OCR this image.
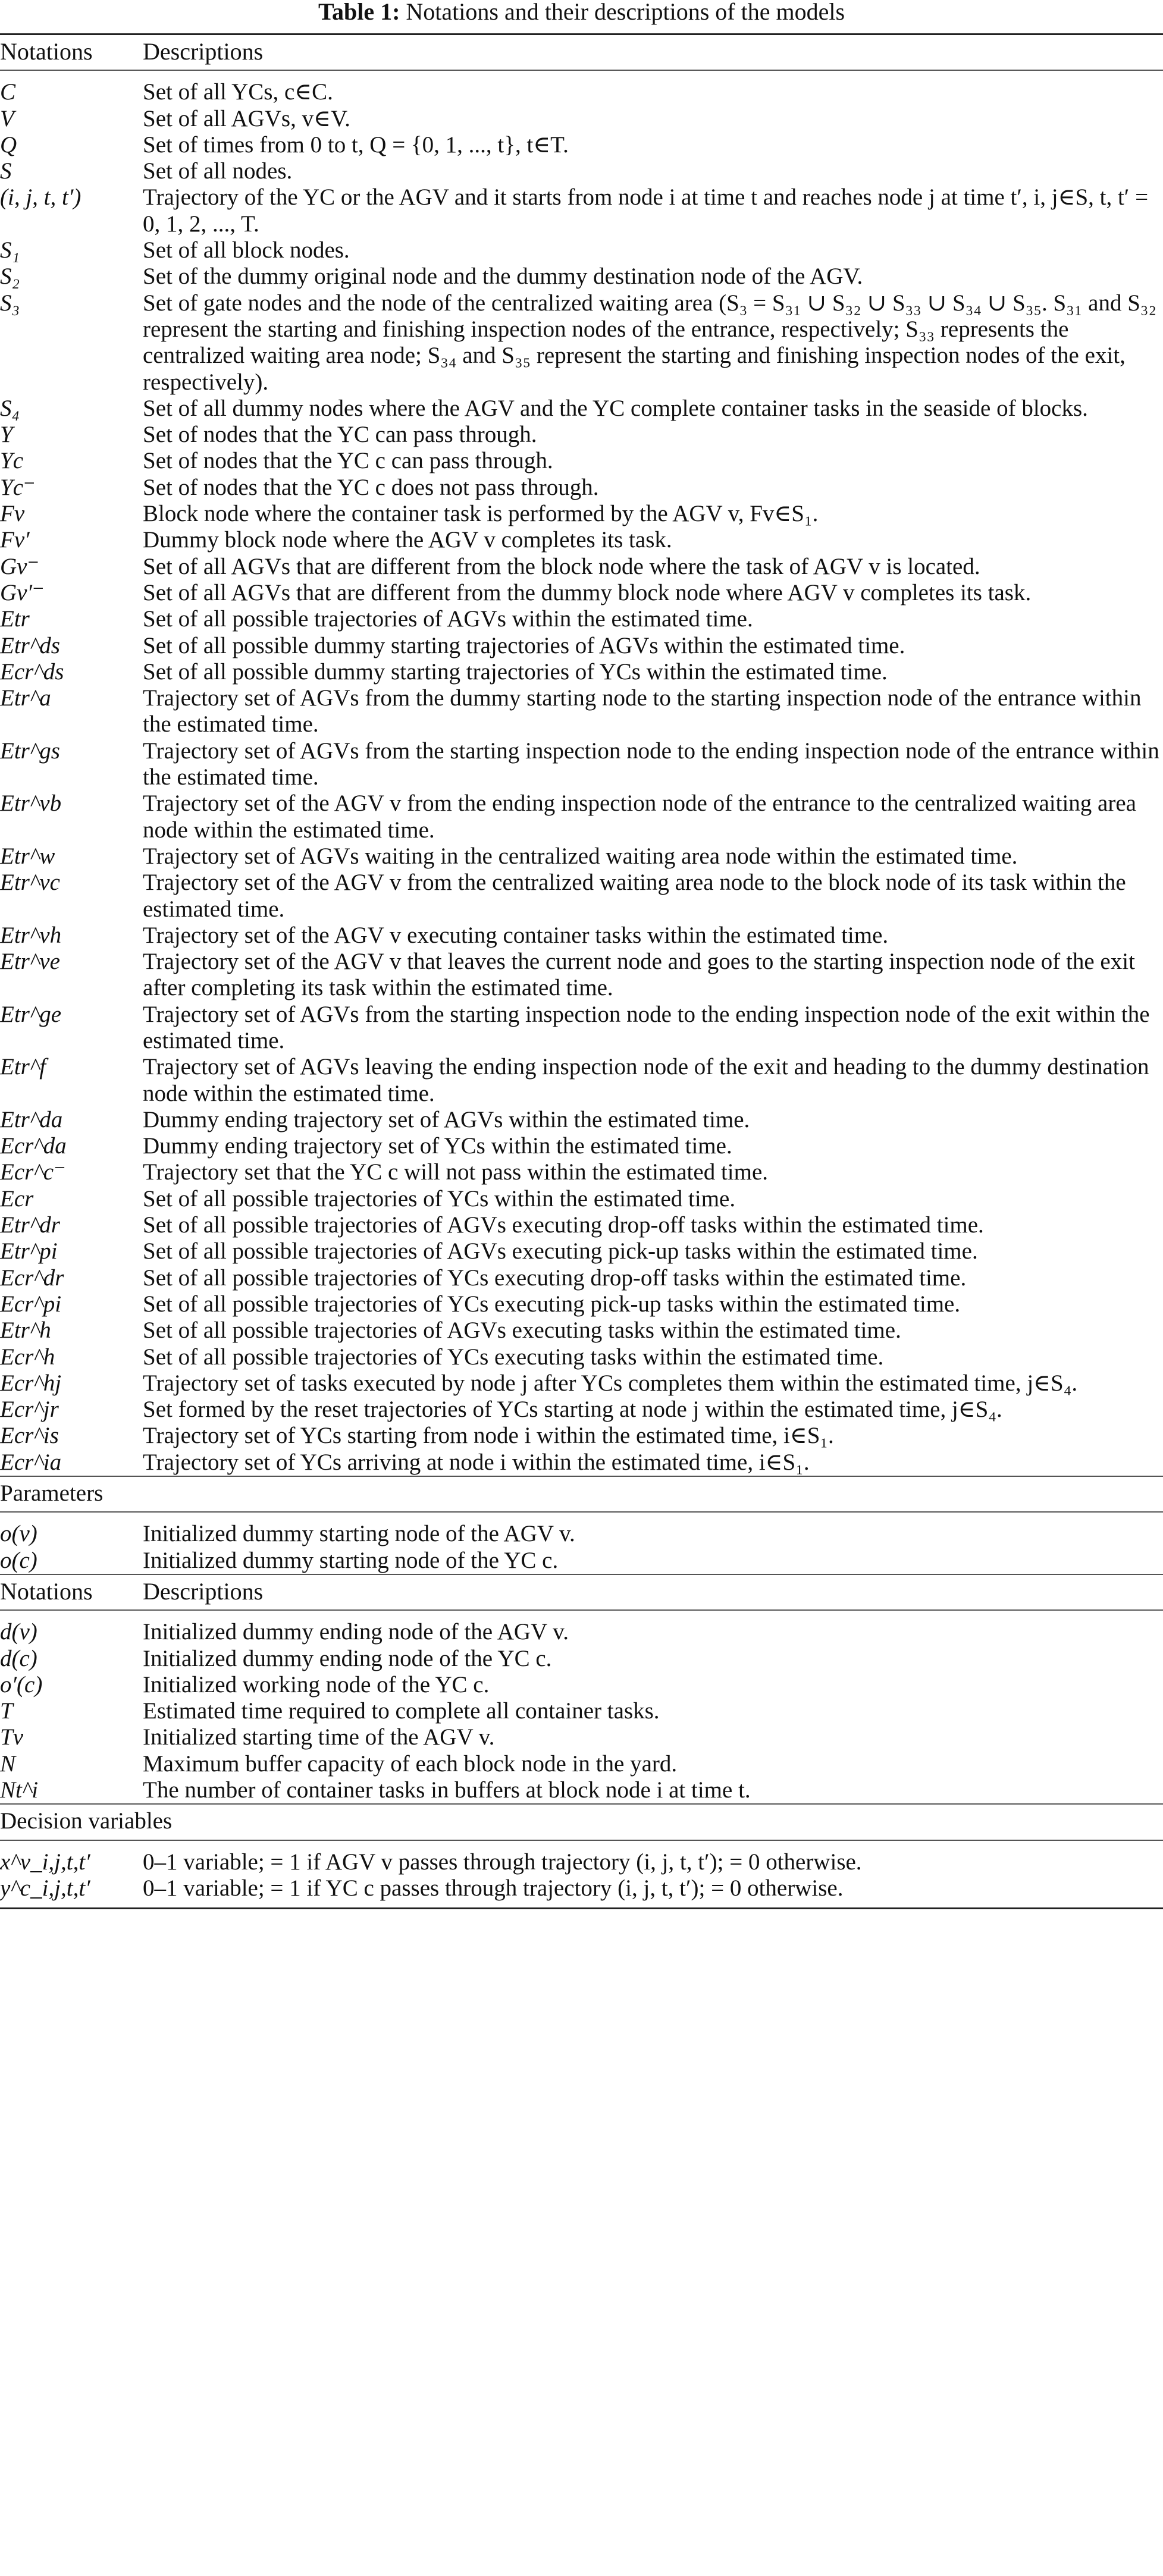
Table 1: Notations and their descriptions of the models
Notations	Descriptions
C	Set of all YCs, c∈C.
V	Set of all AGVs, v∈V.
Q	Set of times from 0 to t, Q = {0, 1, ..., t}, t∈T.
S	Set of all nodes.
(i, j, t, t′)	Trajectory of the YC or the AGV and it starts from node i at time t and reaches node j at time t′, i, j∈S, t, t′ = 0, 1, 2, ..., T.
S₁	Set of all block nodes.
S₂	Set of the dummy original node and the dummy destination node of the AGV.
S₃	Set of gate nodes and the node of the centralized waiting area (S₃ = S₃₁ ∪ S₃₂ ∪ S₃₃ ∪ S₃₄ ∪ S₃₅. S₃₁ and S₃₂ represent the starting and finishing inspection nodes of the entrance, respectively; S₃₃ represents the centralized waiting area node; S₃₄ and S₃₅ represent the starting and finishing inspection nodes of the exit, respectively).
S₄	Set of all dummy nodes where the AGV and the YC complete container tasks in the seaside of blocks.
Y	Set of nodes that the YC can pass through.
Yc	Set of nodes that the YC c can pass through.
Yc⁻	Set of nodes that the YC c does not pass through.
Fv	Block node where the container task is performed by the AGV v, Fv∈S₁.
Fv′	Dummy block node where the AGV v completes its task.
Gv⁻	Set of all AGVs that are different from the block node where the task of AGV v is located.
Gv′⁻	Set of all AGVs that are different from the dummy block node where AGV v completes its task.
Etr	Set of all possible trajectories of AGVs within the estimated time.
Etr^ds	Set of all possible dummy starting trajectories of AGVs within the estimated time.
Ecr^ds	Set of all possible dummy starting trajectories of YCs within the estimated time.
Etr^a	Trajectory set of AGVs from the dummy starting node to the starting inspection node of the entrance within the estimated time.
Etr^gs	Trajectory set of AGVs from the starting inspection node to the ending inspection node of the entrance within the estimated time.
Etr^vb	Trajectory set of the AGV v from the ending inspection node of the entrance to the centralized waiting area node within the estimated time.
Etr^w	Trajectory set of AGVs waiting in the centralized waiting area node within the estimated time.
Etr^vc	Trajectory set of the AGV v from the centralized waiting area node to the block node of its task within the estimated time.
Etr^vh	Trajectory set of the AGV v executing container tasks within the estimated time.
Etr^ve	Trajectory set of the AGV v that leaves the current node and goes to the starting inspection node of the exit after completing its task within the estimated time.
Etr^ge	Trajectory set of AGVs from the starting inspection node to the ending inspection node of the exit within the estimated time.
Etr^f	Trajectory set of AGVs leaving the ending inspection node of the exit and heading to the dummy destination node within the estimated time.
Etr^da	Dummy ending trajectory set of AGVs within the estimated time.
Ecr^da	Dummy ending trajectory set of YCs within the estimated time.
Ecr^c⁻	Trajectory set that the YC c will not pass within the estimated time.
Ecr	Set of all possible trajectories of YCs within the estimated time.
Etr^dr	Set of all possible trajectories of AGVs executing drop-off tasks within the estimated time.
Etr^pi	Set of all possible trajectories of AGVs executing pick-up tasks within the estimated time.
Ecr^dr	Set of all possible trajectories of YCs executing drop-off tasks within the estimated time.
Ecr^pi	Set of all possible trajectories of YCs executing pick-up tasks within the estimated time.
Etr^h	Set of all possible trajectories of AGVs executing tasks within the estimated time.
Ecr^h	Set of all possible trajectories of YCs executing tasks within the estimated time.
Ecr^hj	Trajectory set of tasks executed by node j after YCs completes them within the estimated time, j∈S₄.
Ecr^jr	Set formed by the reset trajectories of YCs starting at node j within the estimated time, j∈S₄.
Ecr^is	Trajectory set of YCs starting from node i within the estimated time, i∈S₁.
Ecr^ia	Trajectory set of YCs arriving at node i within the estimated time, i∈S₁.
Parameters	
o(v)	Initialized dummy starting node of the AGV v.
o(c)	Initialized dummy starting node of the YC c.
Notations	Descriptions
d(v)	Initialized dummy ending node of the AGV v.
d(c)	Initialized dummy ending node of the YC c.
o′(c)	Initialized working node of the YC c.
T	Estimated time required to complete all container tasks.
Tv	Initialized starting time of the AGV v.
N	Maximum buffer capacity of each block node in the yard.
Nt^i	The number of container tasks in buffers at block node i at time t.
Decision variables	
x^v_i,j,t,t′	0–1 variable; = 1 if AGV v passes through trajectory (i, j, t, t′); = 0 otherwise.
y^c_i,j,t,t′	0–1 variable; = 1 if YC c passes through trajectory (i, j, t, t′); = 0 otherwise.
